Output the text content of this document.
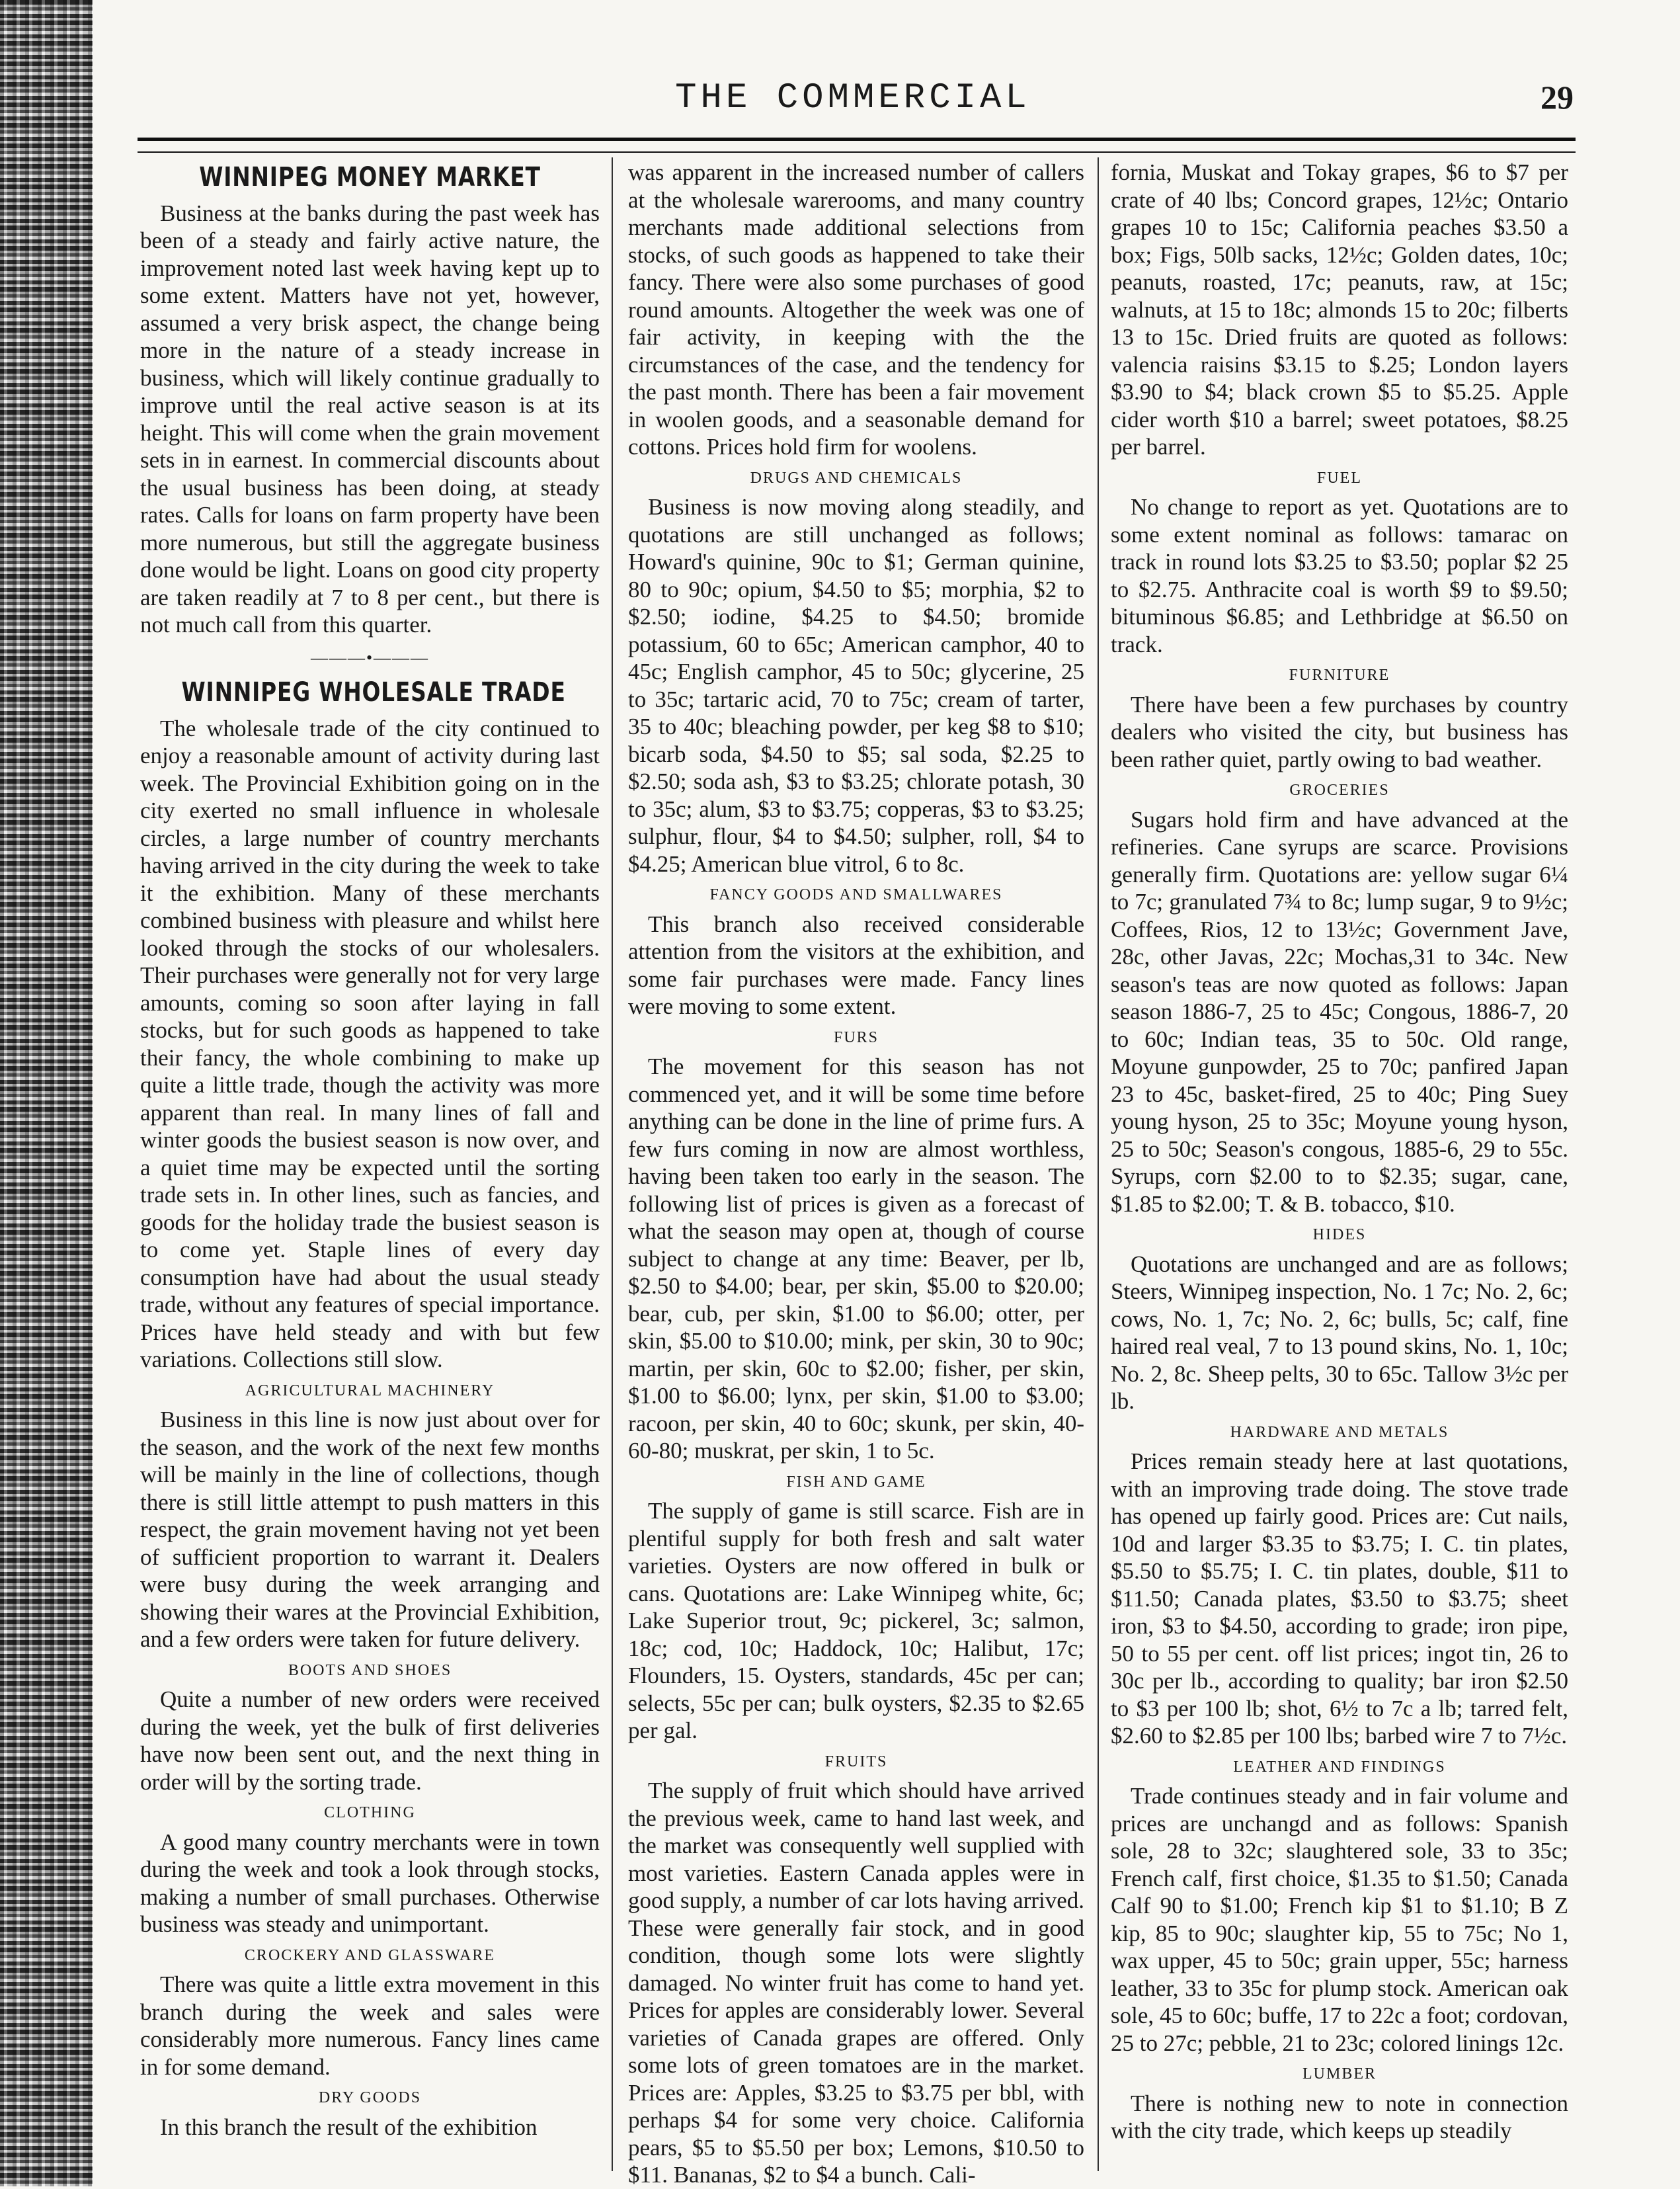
THE COMMERCIAL	29
WINNIPEG MONEY MARKET

Business at the banks during the past week has been of a steady and fairly active nature, the improvement noted last week having kept up to some extent. Matters have not yet, however, assumed a very brisk aspect, the change being more in the nature of a steady increase in business, which will likely continue gradually to improve until the real active season is at its height. This will come when the grain movement sets in in earnest. In commercial discounts about the usual business has been doing, at steady rates. Calls for loans on farm property have been more numerous, but still the aggregate business done would be light. Loans on good city property are taken readily at 7 to 8 per cent., but there is not much call from this quarter.

———•———
WINNIPEG WHOLESALE TRADE

The wholesale trade of the city continued to enjoy a reasonable amount of activity during last week. The Provincial Exhibition going on in the city exerted no small influence in wholesale circles, a large number of country merchants having arrived in the city during the week to take it the exhibition. Many of these merchants combined business with pleasure and whilst here looked through the stocks of our wholesalers. Their purchases were generally not for very large amounts, coming so soon after laying in fall stocks, but for such goods as happened to take their fancy, the whole combining to make up quite a little trade, though the activity was more apparent than real. In many lines of fall and winter goods the busiest season is now over, and a quiet time may be expected until the sorting trade sets in. In other lines, such as fancies, and goods for the holiday trade the busiest season is to come yet. Staple lines of every day consumption have had about the usual steady trade, without any features of special importance. Prices have held steady and with but few variations. Collections still slow.

AGRICULTURAL MACHINERY

Business in this line is now just about over for the season, and the work of the next few months will be mainly in the line of collections, though there is still little attempt to push matters in this respect, the grain movement having not yet been of sufficient proportion to warrant it. Dealers were busy during the week arranging and showing their wares at the Provincial Exhibition, and a few orders were taken for future delivery.

BOOTS AND SHOES

Quite a number of new orders were received during the week, yet the bulk of first deliveries have now been sent out, and the next thing in order will by the sorting trade.

CLOTHING

A good many country merchants were in town during the week and took a look through stocks, making a number of small purchases. Otherwise business was steady and unimportant.

CROCKERY AND GLASSWARE

There was quite a little extra movement in this branch during the week and sales were considerably more numerous. Fancy lines came in for some demand.

DRY GOODS

In this branch the result of the exhibition

was apparent in the increased number of callers at the wholesale warerooms, and many country merchants made additional selections from stocks, of such goods as happened to take their fancy. There were also some purchases of good round amounts. Altogether the week was one of fair activity, in keeping with the the circumstances of the case, and the tendency for the past month. There has been a fair movement in woolen goods, and a seasonable demand for cottons. Prices hold firm for woolens.

DRUGS AND CHEMICALS

Business is now moving along steadily, and quotations are still unchanged as follows; Howard's quinine, 90c to $1; German quinine, 80 to 90c; opium, $4.50 to $5; morphia, $2 to $2.50; iodine, $4.25 to $4.50; bromide potassium, 60 to 65c; American camphor, 40 to 45c; English camphor, 45 to 50c; glycerine, 25 to 35c; tartaric acid, 70 to 75c; cream of tarter, 35 to 40c; bleaching powder, per keg $8 to $10; bicarb soda, $4.50 to $5; sal soda, $2.25 to $2.50; soda ash, $3 to $3.25; chlorate potash, 30 to 35c; alum, $3 to $3.75; copperas, $3 to $3.25; sulphur, flour, $4 to $4.50; sulpher, roll, $4 to $4.25; American blue vitrol, 6 to 8c.

FANCY GOODS AND SMALLWARES

This branch also received considerable attention from the visitors at the exhibition, and some fair purchases were made. Fancy lines were moving to some extent.

FURS

The movement for this season has not commenced yet, and it will be some time before anything can be done in the line of prime furs. A few furs coming in now are almost worthless, having been taken too early in the season. The following list of prices is given as a forecast of what the season may open at, though of course subject to change at any time: Beaver, per lb, $2.50 to $4.00; bear, per skin, $5.00 to $20.00; bear, cub, per skin, $1.00 to $6.00; otter, per skin, $5.00 to $10.00; mink, per skin, 30 to 90c; martin, per skin, 60c to $2.00; fisher, per skin, $1.00 to $6.00; lynx, per skin, $1.00 to $3.00; racoon, per skin, 40 to 60c; skunk, per skin, 40-60-80; muskrat, per skin, 1 to 5c.

FISH AND GAME

The supply of game is still scarce. Fish are in plentiful supply for both fresh and salt water varieties. Oysters are now offered in bulk or cans. Quotations are: Lake Winnipeg white, 6c; Lake Superior trout, 9c; pickerel, 3c; salmon, 18c; cod, 10c; Haddock, 10c; Halibut, 17c; Flounders, 15. Oysters, standards, 45c per can; selects, 55c per can; bulk oysters, $2.35 to $2.65 per gal.

FRUITS

The supply of fruit which should have arrived the previous week, came to hand last week, and the market was consequently well supplied with most varieties. Eastern Canada apples were in good supply, a number of car lots having arrived. These were generally fair stock, and in good condition, though some lots were slightly damaged. No winter fruit has come to hand yet. Prices for apples are considerably lower. Several varieties of Canada grapes are offered. Only some lots of green tomatoes are in the market. Prices are: Apples, $3.25 to $3.75 per bbl, with perhaps $4 for some very choice. California pears, $5 to $5.50 per box; Lemons, $10.50 to $11. Bananas, $2 to $4 a bunch. Cali-

fornia, Muskat and Tokay grapes, $6 to $7 per crate of 40 lbs; Concord grapes, 12½c; Ontario grapes 10 to 15c; California peaches $3.50 a box; Figs, 50lb sacks, 12½c; Golden dates, 10c; peanuts, roasted, 17c; peanuts, raw, at 15c; walnuts, at 15 to 18c; almonds 15 to 20c; filberts 13 to 15c. Dried fruits are quoted as follows: valencia raisins $3.15 to $.25; London layers $3.90 to $4; black crown $5 to $5.25. Apple cider worth $10 a barrel; sweet potatoes, $8.25 per barrel.

FUEL

No change to report as yet. Quotations are to some extent nominal as follows: tamarac on track in round lots $3.25 to $3.50; poplar $2 25 to $2.75. Anthracite coal is worth $9 to $9.50; bituminous $6.85; and Lethbridge at $6.50 on track.

FURNITURE

There have been a few purchases by country dealers who visited the city, but business has been rather quiet, partly owing to bad weather.

GROCERIES

Sugars hold firm and have advanced at the refineries. Cane syrups are scarce. Provisions generally firm. Quotations are: yellow sugar 6¼ to 7c; granulated 7¾ to 8c; lump sugar, 9 to 9½c; Coffees, Rios, 12 to 13½c; Government Jave, 28c, other Javas, 22c; Mochas,31 to 34c. New season's teas are now quoted as follows: Japan season 1886-7, 25 to 45c; Congous, 1886-7, 20 to 60c; Indian teas, 35 to 50c. Old range, Moyune gunpowder, 25 to 70c; panfired Japan 23 to 45c, basket-fired, 25 to 40c; Ping Suey young hyson, 25 to 35c; Moyune young hyson, 25 to 50c; Season's congous, 1885-6, 29 to 55c. Syrups, corn $2.00 to to $2.35; sugar, cane, $1.85 to $2.00; T. & B. tobacco, $10.

HIDES

Quotations are unchanged and are as follows; Steers, Winnipeg inspection, No. 1 7c; No. 2, 6c; cows, No. 1, 7c; No. 2, 6c; bulls, 5c; calf, fine haired real veal, 7 to 13 pound skins, No. 1, 10c; No. 2, 8c. Sheep pelts, 30 to 65c. Tallow 3½c per lb.

HARDWARE AND METALS

Prices remain steady here at last quotations, with an improving trade doing. The stove trade has opened up fairly good. Prices are: Cut nails, 10d and larger $3.35 to $3.75; I. C. tin plates, $5.50 to $5.75; I. C. tin plates, double, $11 to $11.50; Canada plates, $3.50 to $3.75; sheet iron, $3 to $4.50, according to grade; iron pipe, 50 to 55 per cent. off list prices; ingot tin, 26 to 30c per lb., according to quality; bar iron $2.50 to $3 per 100 lb; shot, 6½ to 7c a lb; tarred felt, $2.60 to $2.85 per 100 lbs; barbed wire 7 to 7½c.

LEATHER AND FINDINGS

Trade continues steady and in fair volume and prices are unchangd and as follows: Spanish sole, 28 to 32c; slaughtered sole, 33 to 35c; French calf, first choice, $1.35 to $1.50; Canada Calf 90 to $1.00; French kip $1 to $1.10; B Z kip, 85 to 90c; slaughter kip, 55 to 75c; No 1, wax upper, 45 to 50c; grain upper, 55c; harness leather, 33 to 35c for plump stock. American oak sole, 45 to 60c; buffe, 17 to 22c a foot; cordovan, 25 to 27c; pebble, 21 to 23c; colored linings 12c.

LUMBER

There is nothing new to note in connection with the city trade, which keeps up steadily
